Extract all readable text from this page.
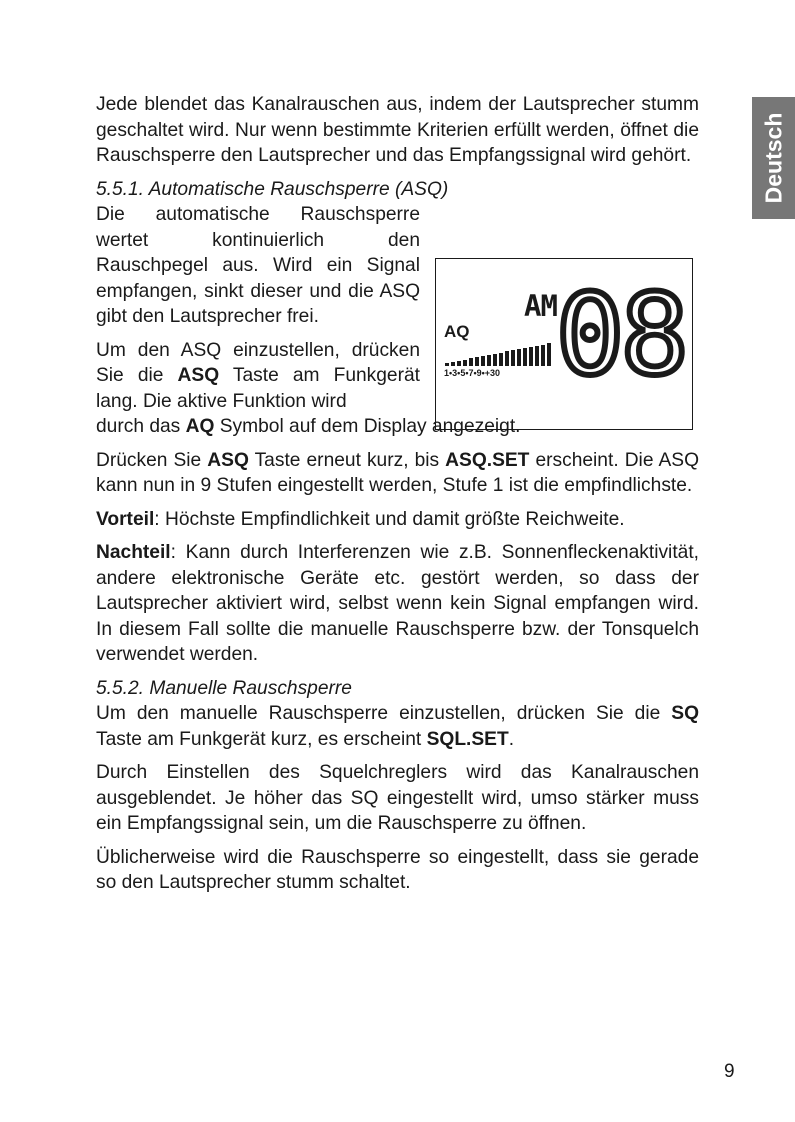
Deutsch

Jede blendet das Kanalrauschen aus, indem der Lautsprecher stumm geschaltet wird. Nur wenn bestimmte Kriterien erfüllt werden, öffnet die Rauschsperre den Lautsprecher und das Empfangssignal wird gehört.

5.5.1. Automatische Rauschsperre (ASQ)

Die automatische Rauschsperre wertet kontinuierlich den Rauschpegel aus. Wird ein Signal empfangen, sinkt dieser und die ASQ gibt den Lautsprecher frei.

Um den ASQ einzustellen, drücken Sie die ASQ Taste am Funkgerät lang. Die aktive Funktion wird

durch das AQ Symbol auf dem Display angezeigt.

Drücken Sie ASQ Taste erneut kurz, bis ASQ.SET erscheint. Die ASQ kann nun in 9 Stufen eingestellt werden, Stufe 1 ist die empfindlichste.

Vorteil: Höchste Empfindlichkeit und damit größte Reichweite.

Nachteil: Kann durch Interferenzen wie z.B. Sonnenfleckenaktivität, andere elektronische Geräte etc. gestört werden, so dass der Lautsprecher aktiviert wird, selbst wenn kein Signal empfangen wird. In diesem Fall sollte die manuelle Rauschsperre bzw. der Tonsquelch verwendet werden.

5.5.2. Manuelle Rauschsperre

Um den manuelle Rauschsperre einzustellen, drücken Sie die SQ Taste am Funkgerät kurz, es erscheint SQL.SET.

Durch Einstellen des Squelchreglers wird das Kanalrauschen ausgeblendet. Je höher das SQ eingestellt wird, umso stärker muss ein Empfangssignal sein, um die Rauschsperre zu öffnen.

Üblicherweise wird die Rauschsperre so eingestellt, dass sie gerade so den Lautsprecher stumm schaltet.

AM
AQ
1•3•5•7•9•+30 08
9
